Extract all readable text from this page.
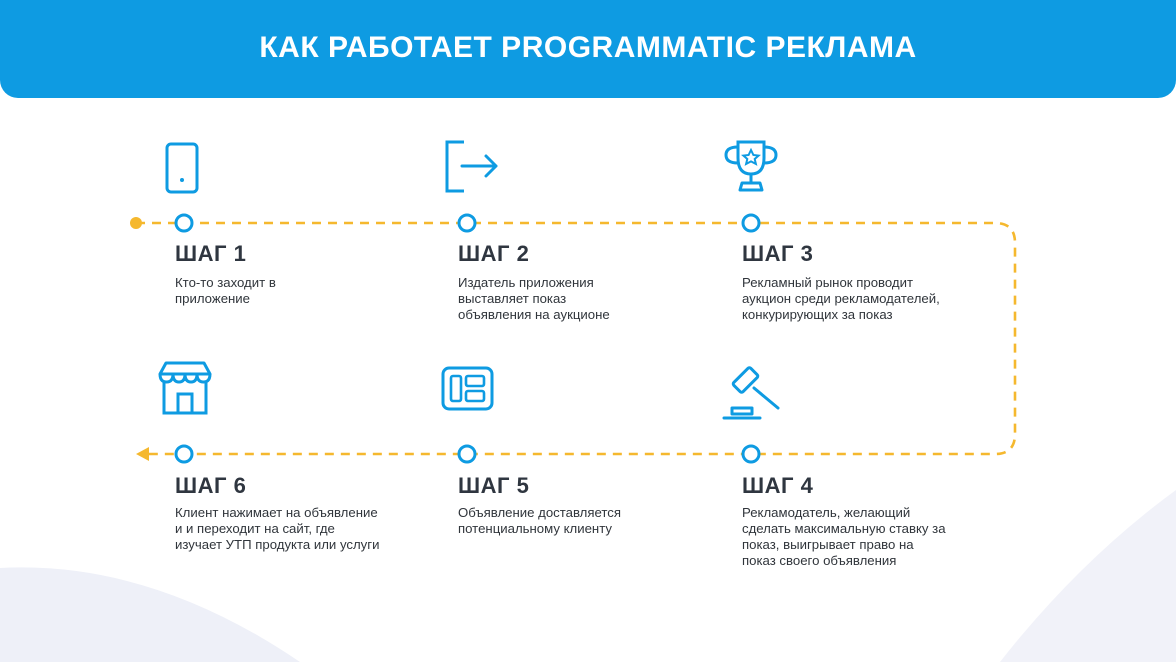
КАК РАБОТАЕТ PROGRAMMATIC РЕКЛАМА
ШАГ 1

Кто-то заходит в
приложение

ШАГ 2

Издатель приложения
выставляет показ
объявления на аукционе

ШАГ 3

Рекламный рынок проводит
аукцион среди рекламодателей,
конкурирующих за показ

ШАГ 4

Рекламодатель, желающий
сделать максимальную ставку за
показ, выигрывает право на
показ своего объявления

ШАГ 5

Объявление доставляется
потенциальному клиенту

ШАГ 6

Клиент нажимает на объявление
и и переходит на сайт, где
изучает УТП продукта или услуги
